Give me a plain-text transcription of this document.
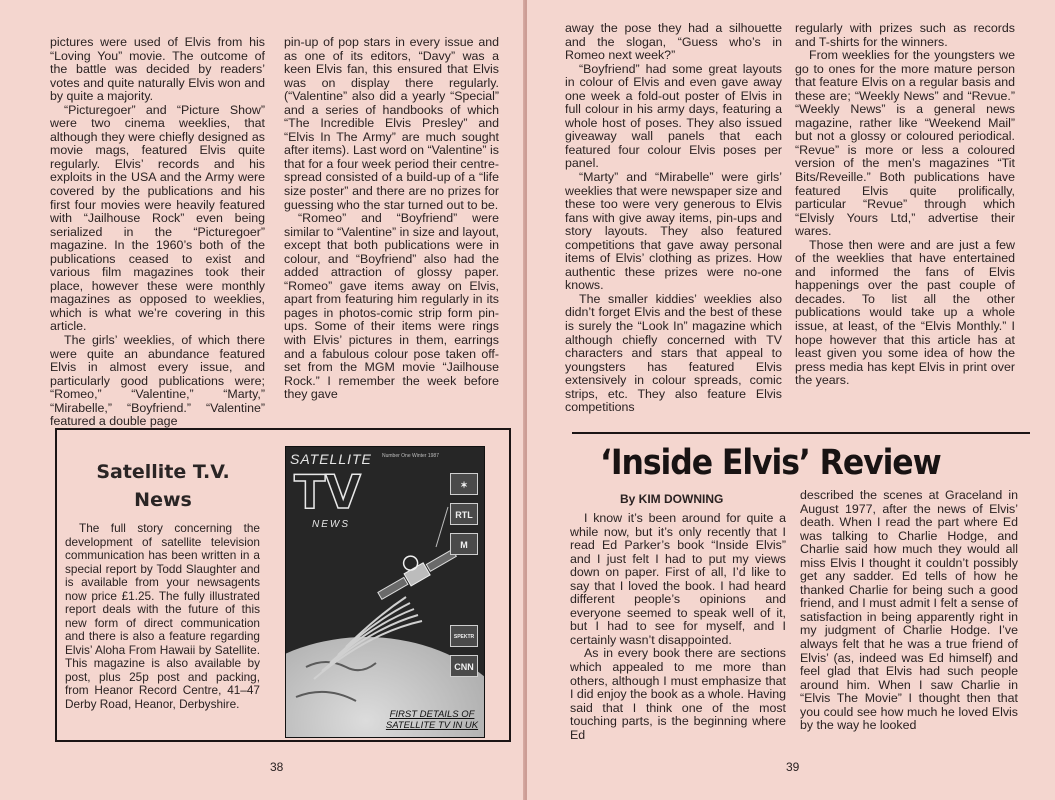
pictures were used of Elvis from his “Loving You” movie. The outcome of the battle was decided by readers’ votes and quite naturally Elvis won and by quite a majority.

“Picturegoer” and “Picture Show” were two cinema weeklies, that although they were chiefly designed as movie mags, featured Elvis quite regularly. Elvis’ records and his exploits in the USA and the Army were covered by the publications and his first four movies were heavily featured with “Jailhouse Rock” even being serialized in the “Picturegoer” magazine. In the 1960’s both of the publications ceased to exist and various film magazines took their place, however these were monthly magazines as opposed to weeklies, which is what we’re covering in this article.

The girls’ weeklies, of which there were quite an abundance featured Elvis in almost every issue, and particularly good publications were; “Romeo,” “Valentine,” “Marty,” “Mirabelle,” “Boyfriend.” “Valentine” featured a double page

pin-up of pop stars in every issue and as one of its editors, “Davy” was a keen Elvis fan, this ensured that Elvis was on display there regularly. (“Valentine” also did a yearly “Special” and a series of handbooks of which “The Incredible Elvis Presley” and “Elvis In The Army” are much sought after items). Last word on “Valentine” is that for a four week period their centre-spread consisted of a build-up of a “life size poster” and there are no prizes for guessing who the star turned out to be.

“Romeo” and “Boyfriend” were similar to “Valentine” in size and layout, except that both publications were in colour, and “Boyfriend” also had the added attraction of glossy paper. “Romeo” gave items away on Elvis, apart from featuring him regularly in its pages in photos-comic strip form pin-ups. Some of their items were rings with Elvis’ pictures in them, earrings and a fabulous colour pose taken off-set from the MGM movie “Jailhouse Rock.” I remember the week before they gave

Satellite T.V. News

The full story concerning the development of satellite television communication has been written in a special report by Todd Slaughter and is available from your newsagents now price £1.25. The fully illustrated report deals with the future of this new form of direct communication and there is also a feature regarding Elvis’ Aloha From Hawaii by Satellite. This magazine is also available by post, plus 25p post and packing, from Heanor Record Centre, 41–47 Derby Road, Heanor, Derbyshire.

SATELLITE Number One Winter 1987
TV
NEWS
✶
RTL
M
SPEKTR
CNN
FIRST DETAILS OF SATELLITE TV IN UK
38

away the pose they had a silhouette and the slogan, “Guess who’s in Romeo next week?”

“Boyfriend” had some great layouts in colour of Elvis and even gave away one week a fold-out poster of Elvis in full colour in his army days, featuring a whole host of poses. They also issued giveaway wall panels that each featured four colour Elvis poses per panel.

“Marty” and “Mirabelle” were girls’ weeklies that were newspaper size and these too were very generous to Elvis fans with give away items, pin-ups and story layouts. They also featured competitions that gave away personal items of Elvis’ clothing as prizes. How authentic these prizes were no-one knows.

The smaller kiddies’ weeklies also didn’t forget Elvis and the best of these is surely the “Look In” magazine which although chiefly concerned with TV characters and stars that appeal to youngsters has featured Elvis extensively in colour spreads, comic strips, etc. They also feature Elvis competitions

regularly with prizes such as records and T-shirts for the winners.

From weeklies for the youngsters we go to ones for the more mature person that feature Elvis on a regular basis and these are; “Weekly News” and “Revue.” “Weekly News” is a general news magazine, rather like “Weekend Mail” but not a glossy or coloured periodical. “Revue” is more or less a coloured version of the men’s magazines “Tit Bits/Reveille.” Both publications have featured Elvis quite prolifically, particular “Revue” through which “Elvisly Yours Ltd,” advertise their wares.

Those then were and are just a few of the weeklies that have entertained and informed the fans of Elvis happenings over the past couple of decades. To list all the other publications would take up a whole issue, at least, of the “Elvis Monthly.” I hope however that this article has at least given you some idea of how the press media has kept Elvis in print over the years.

39
‘Inside Elvis’ Review
By KIM DOWNING

I know it’s been around for quite a while now, but it’s only recently that I read Ed Parker’s book “Inside Elvis” and I just felt I had to put my views down on paper. First of all, I’d like to say that I loved the book. I had heard different people’s opinions and everyone seemed to speak well of it, but I had to see for myself, and I certainly wasn’t disappointed.

As in every book there are sections which appealed to me more than others, although I must emphasize that I did enjoy the book as a whole. Having said that I think one of the most touching parts, is the beginning where Ed

described the scenes at Graceland in August 1977, after the news of Elvis’ death. When I read the part where Ed was talking to Charlie Hodge, and Charlie said how much they would all miss Elvis I thought it couldn’t possibly get any sadder. Ed tells of how he thanked Charlie for being such a good friend, and I must admit I felt a sense of satisfaction in being apparently right in my judgment of Charlie Hodge. I’ve always felt that he was a true friend of Elvis’ (as, indeed was Ed himself) and feel glad that Elvis had such people around him. When I saw Charlie in “Elvis The Movie” I thought then that you could see how much he loved Elvis by the way he looked
